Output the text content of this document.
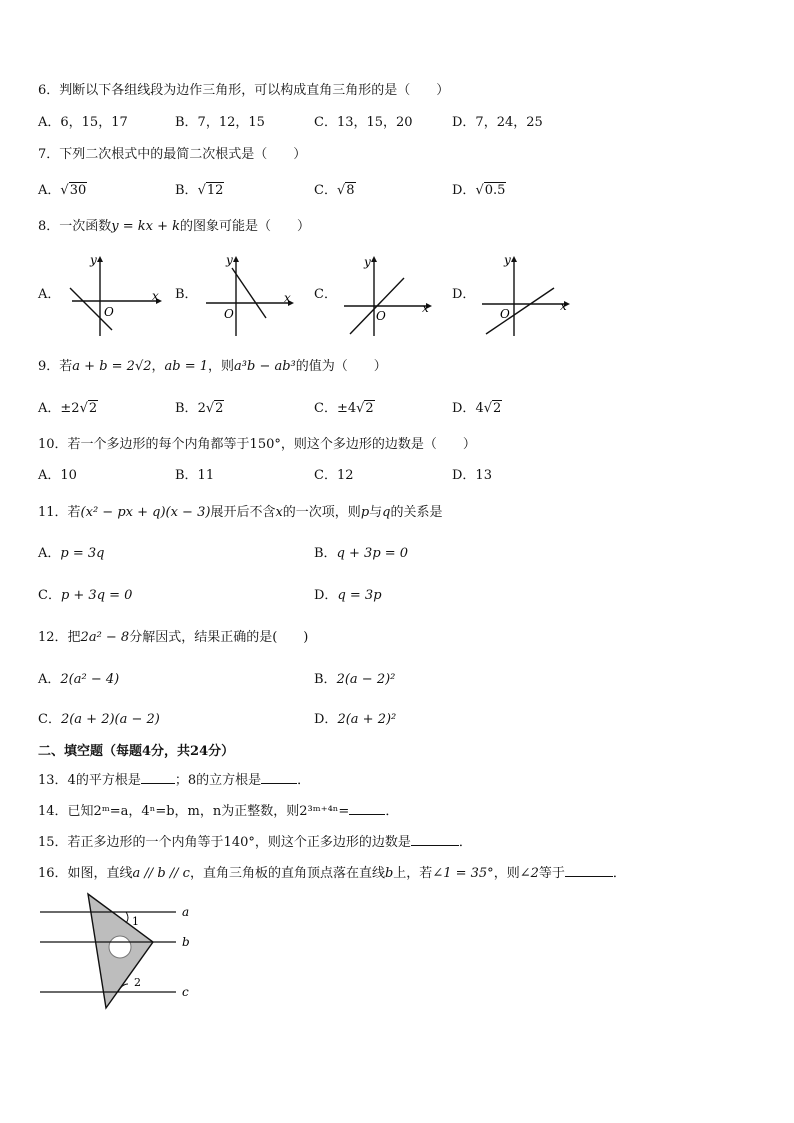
6．判断以下各组线段为边作三角形，可以构成直角三角形的是（　　）
A．6，15，17	B．7，12，15	C．13，15，20	D．7，24，25
7．下列二次根式中的最简二次根式是（　　）
A．√30	B．√12	C．√8	D．√0.5
8．一次函数y = kx + k的图象可能是（　　）
A．	B．	C．	D．
x
y
O
x
y
O	x
y
O
x
y
O
9．若a + b = 2√2，ab = 1，则a³b − ab³的值为（　　）
A．±2√2	B．2√2	C．±4√2	D．4√2
10．若一个多边形的每个内角都等于150°，则这个多边形的边数是（　　）
A．10	B．11	C．12	D．13
11．若(x² − px + q)(x − 3)展开后不含x的一次项，则p与q的关系是
A．p = 3q	B．q + 3p = 0
C．p + 3q = 0	D．q = 3p
12．把2a² − 8分解因式，结果正确的是(　　)
A．2(a² − 4)	B．2(a − 2)²
C．2(a + 2)(a − 2)	D．2(a + 2)²
二、填空题（每题4分，共24分）
13．4的平方根是	；8的立方根是	．
14．已知2ᵐ=a，4ⁿ=b，m，n为正整数，则2³ᵐ⁺⁴ⁿ=	．
15．若正多边形的一个内角等于140°，则这个正多边形的边数是	．
16．如图，直线a // b // c，直角三角板的直角顶点落在直线b上，若∠1 = 35°，则∠2等于	．
a
b
c
1
2
